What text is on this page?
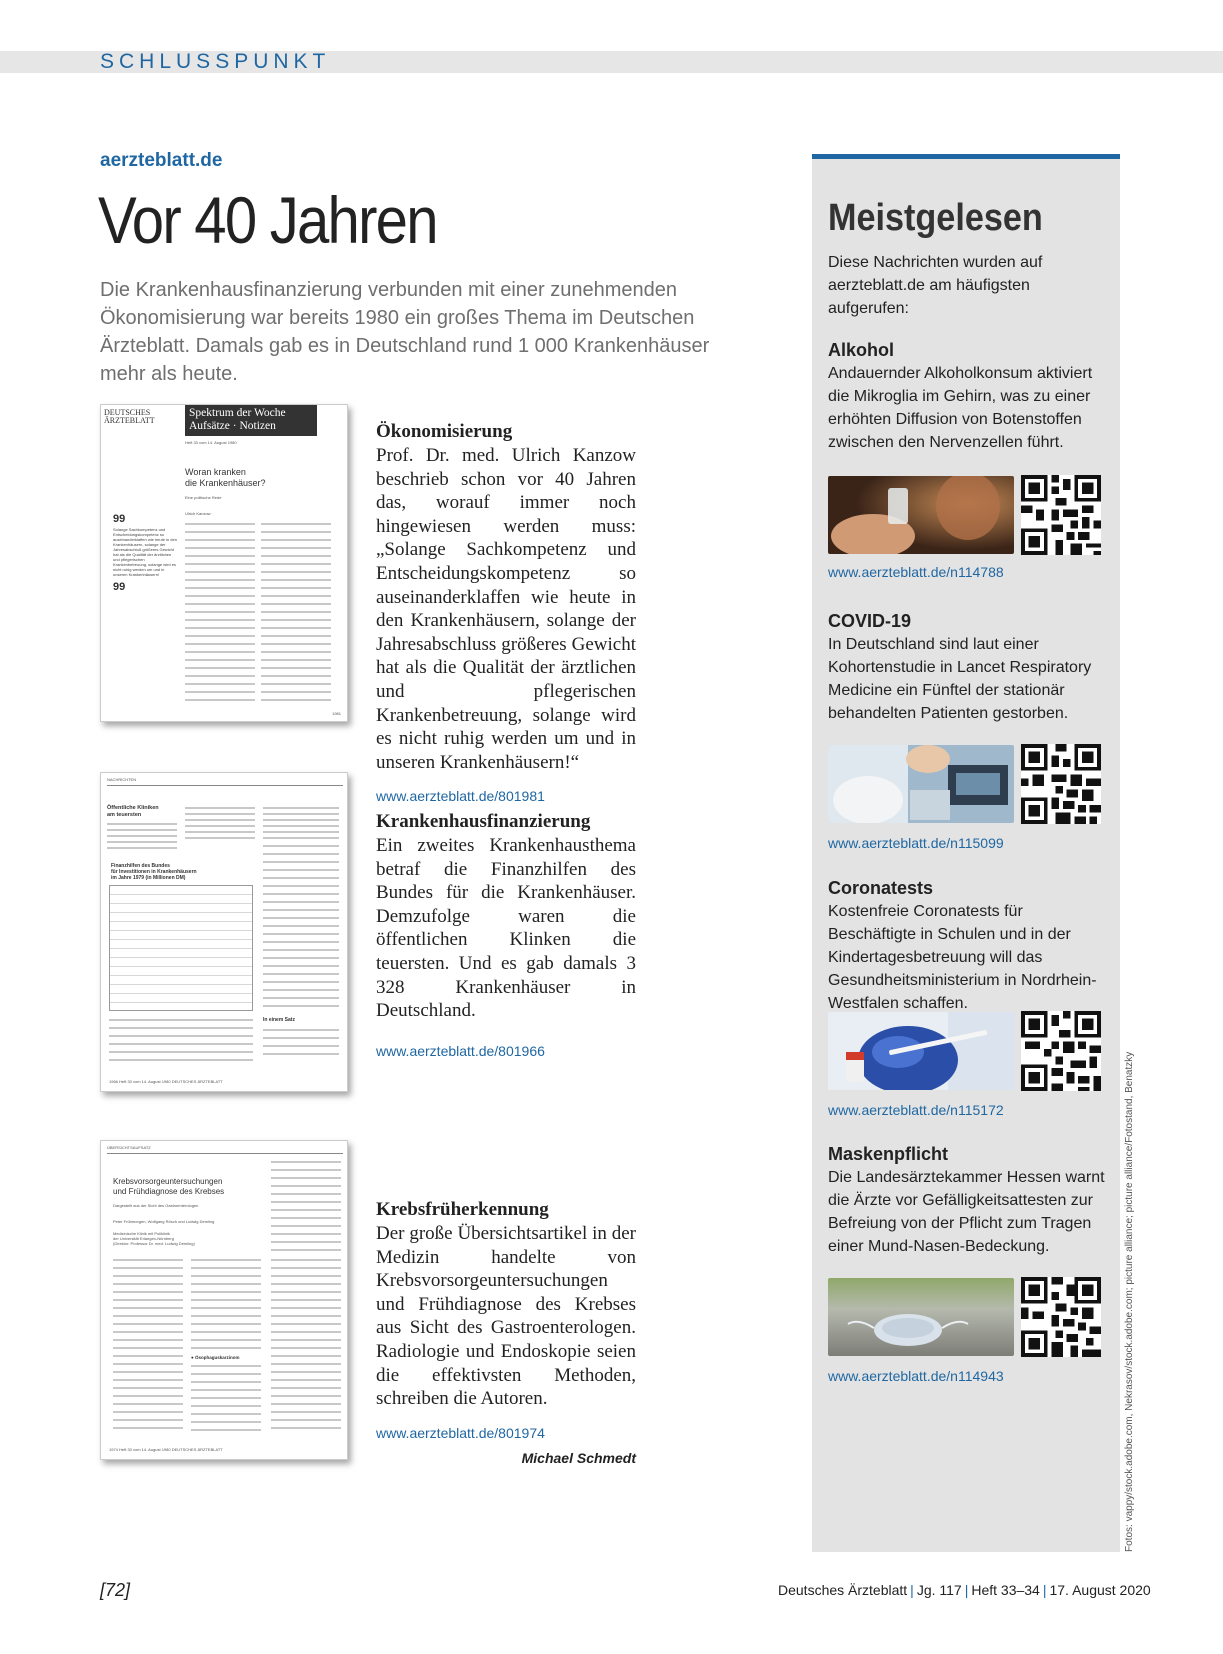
SCHLUSSPUNKT
aerzteblatt.de
Vor 40 Jahren

Die Krankenhausfinanzierung verbunden mit einer zunehmenden Ökonomisierung war bereits 1980 ein großes Thema im Deutschen Ärzteblatt. Damals gab es in Deutschland rund 1 000 Krankenhäuser mehr als heute.

DEUTSCHES
ÄRZTEBLATT
Spektrum der Woche
Aufsätze · Notizen
Heft 33 vom 14. August 1980
Woran kranken
die Krankenhäuser?
Eine politische Rede
Ulrich Kanzow
99
Solange Sachkompetenz und Entscheidungskompetenz so auseinanderklaffen wie heute in den Krankenhäusern, solange der Jahresabschluß größeres Gewicht hat als die Qualität der ärztlichen und pflegerischen Krankenbetreuung, solange wird es nicht ruhig werden um und in unseren Krankenhäusern!
99
1981
NACHRICHTEN
Öffentliche Kliniken
am teuersten
Finanzhilfen des Bundes
für Investitionen in Krankenhäusern
im Jahre 1979 (in Millionen DM)
In einem Satz
1966 Heft 33 vom 14. August 1980 DEUTSCHES ÄRZTEBLATT
ÜBERSICHTSAUFSATZ
Krebsvorsorgeuntersuchungen
und Frühdiagnose des Krebses
Dargestellt aus der Sicht des Gastroenterologen
Peter Frühmorgen, Wolfgang Rösch und Ludwig Demling
Medizinische Klinik mit Poliklinik
der Universität Erlangen-Nürnberg
(Direktor: Professor Dr. med. Ludwig Demling)
● Ösophaguskarzinom
1974 Heft 33 vom 14. August 1980 DEUTSCHES ÄRZTEBLATT
Ökonomisierung

Prof. Dr. med. Ulrich Kanzow beschrieb schon vor 40 Jahren das, worauf immer noch hingewiesen werden muss: „Solange Sachkompetenz und Entscheidungskompetenz so auseinanderklaffen wie heute in den Krankenhäusern, solange der Jahresabschluss größeres Gewicht hat als die Qualität der ärztlichen und pflegerischen Krankenbetreuung, solange wird es nicht ruhig werden um und in unseren Krankenhäusern!“

www.aerzteblatt.de/801981
Krankenhausfinanzierung

Ein zweites Krankenhausthema betraf die Finanzhilfen des Bundes für die Krankenhäuser. Demzufolge waren die öffentlichen Klinken die teuersten. Und es gab damals 3 328 Krankenhäuser in Deutschland.

www.aerzteblatt.de/801966
Krebsfrüherkennung

Der große Übersichtsartikel in der Medizin handelte von Krebsvorsorgeuntersuchungen und Frühdiagnose des Krebses aus Sicht des Gastroenterologen. Radiologie und Endoskopie seien die effektivsten Methoden, schreiben die Autoren.

www.aerzteblatt.de/801974
Michael Schmedt
Meistgelesen
Diese Nachrichten wurden auf aerzteblatt.de am häufigsten aufgerufen:
Alkohol

Andauernder Alkoholkonsum aktiviert die Mikroglia im Gehirn, was zu einer erhöhten Diffusion von Botenstoffen zwischen den Nervenzellen führt.

www.aerzteblatt.de/n114788
COVID-19

In Deutschland sind laut einer Kohortenstudie in Lancet Respiratory Medicine ein Fünftel der stationär behandelten Patienten gestorben.

www.aerzteblatt.de/n115099
Coronatests

Kostenfreie Coronatests für Beschäftigte in Schulen und in der Kindertagesbetreuung will das Gesundheitsministerium in Nordrhein-Westfalen schaffen.

www.aerzteblatt.de/n115172
Maskenpflicht

Die Landesärztekammer Hessen warnt die Ärzte vor Gefälligkeitsattesten zur Befreiung von der Pflicht zum Tragen einer Mund-Nasen-Bedeckung.

www.aerzteblatt.de/n114943	Fotos: vappy/stock.adobe.com, Nekrasov/stock.adobe.com; picture alliance; picture alliance/Fotostand, Benatzky
[72]	Deutsches Ärzteblatt | Jg. 117 | Heft 33–34 | 17. August 2020
